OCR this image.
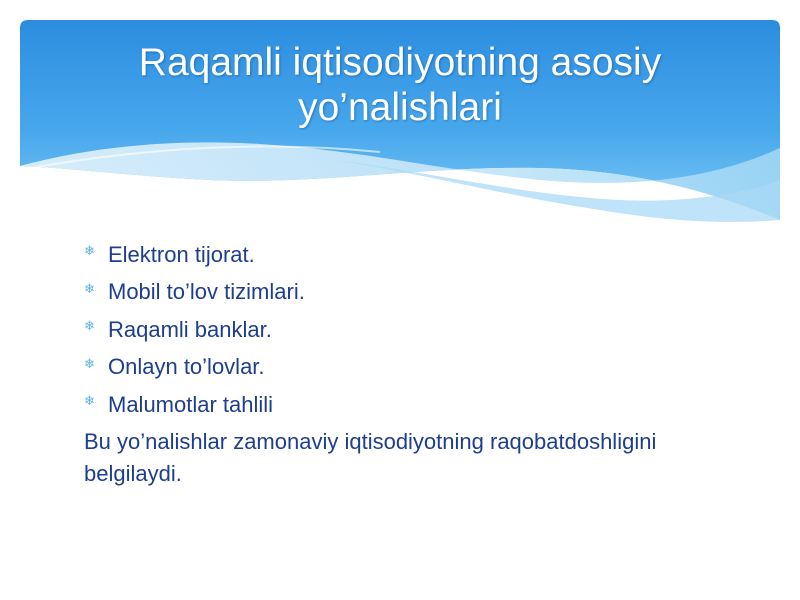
Raqamli iqtisodiyotning asosiy
yo’nalishlari
❄ Elektron tijorat.
❄ Mobil to’lov tizimlari.
❄ Raqamli banklar.
❄ Onlayn to’lovlar.
❄ Malumotlar tahlili

Bu yo’nalishlar zamonaviy iqtisodiyotning raqobatdoshligini belgilaydi.
